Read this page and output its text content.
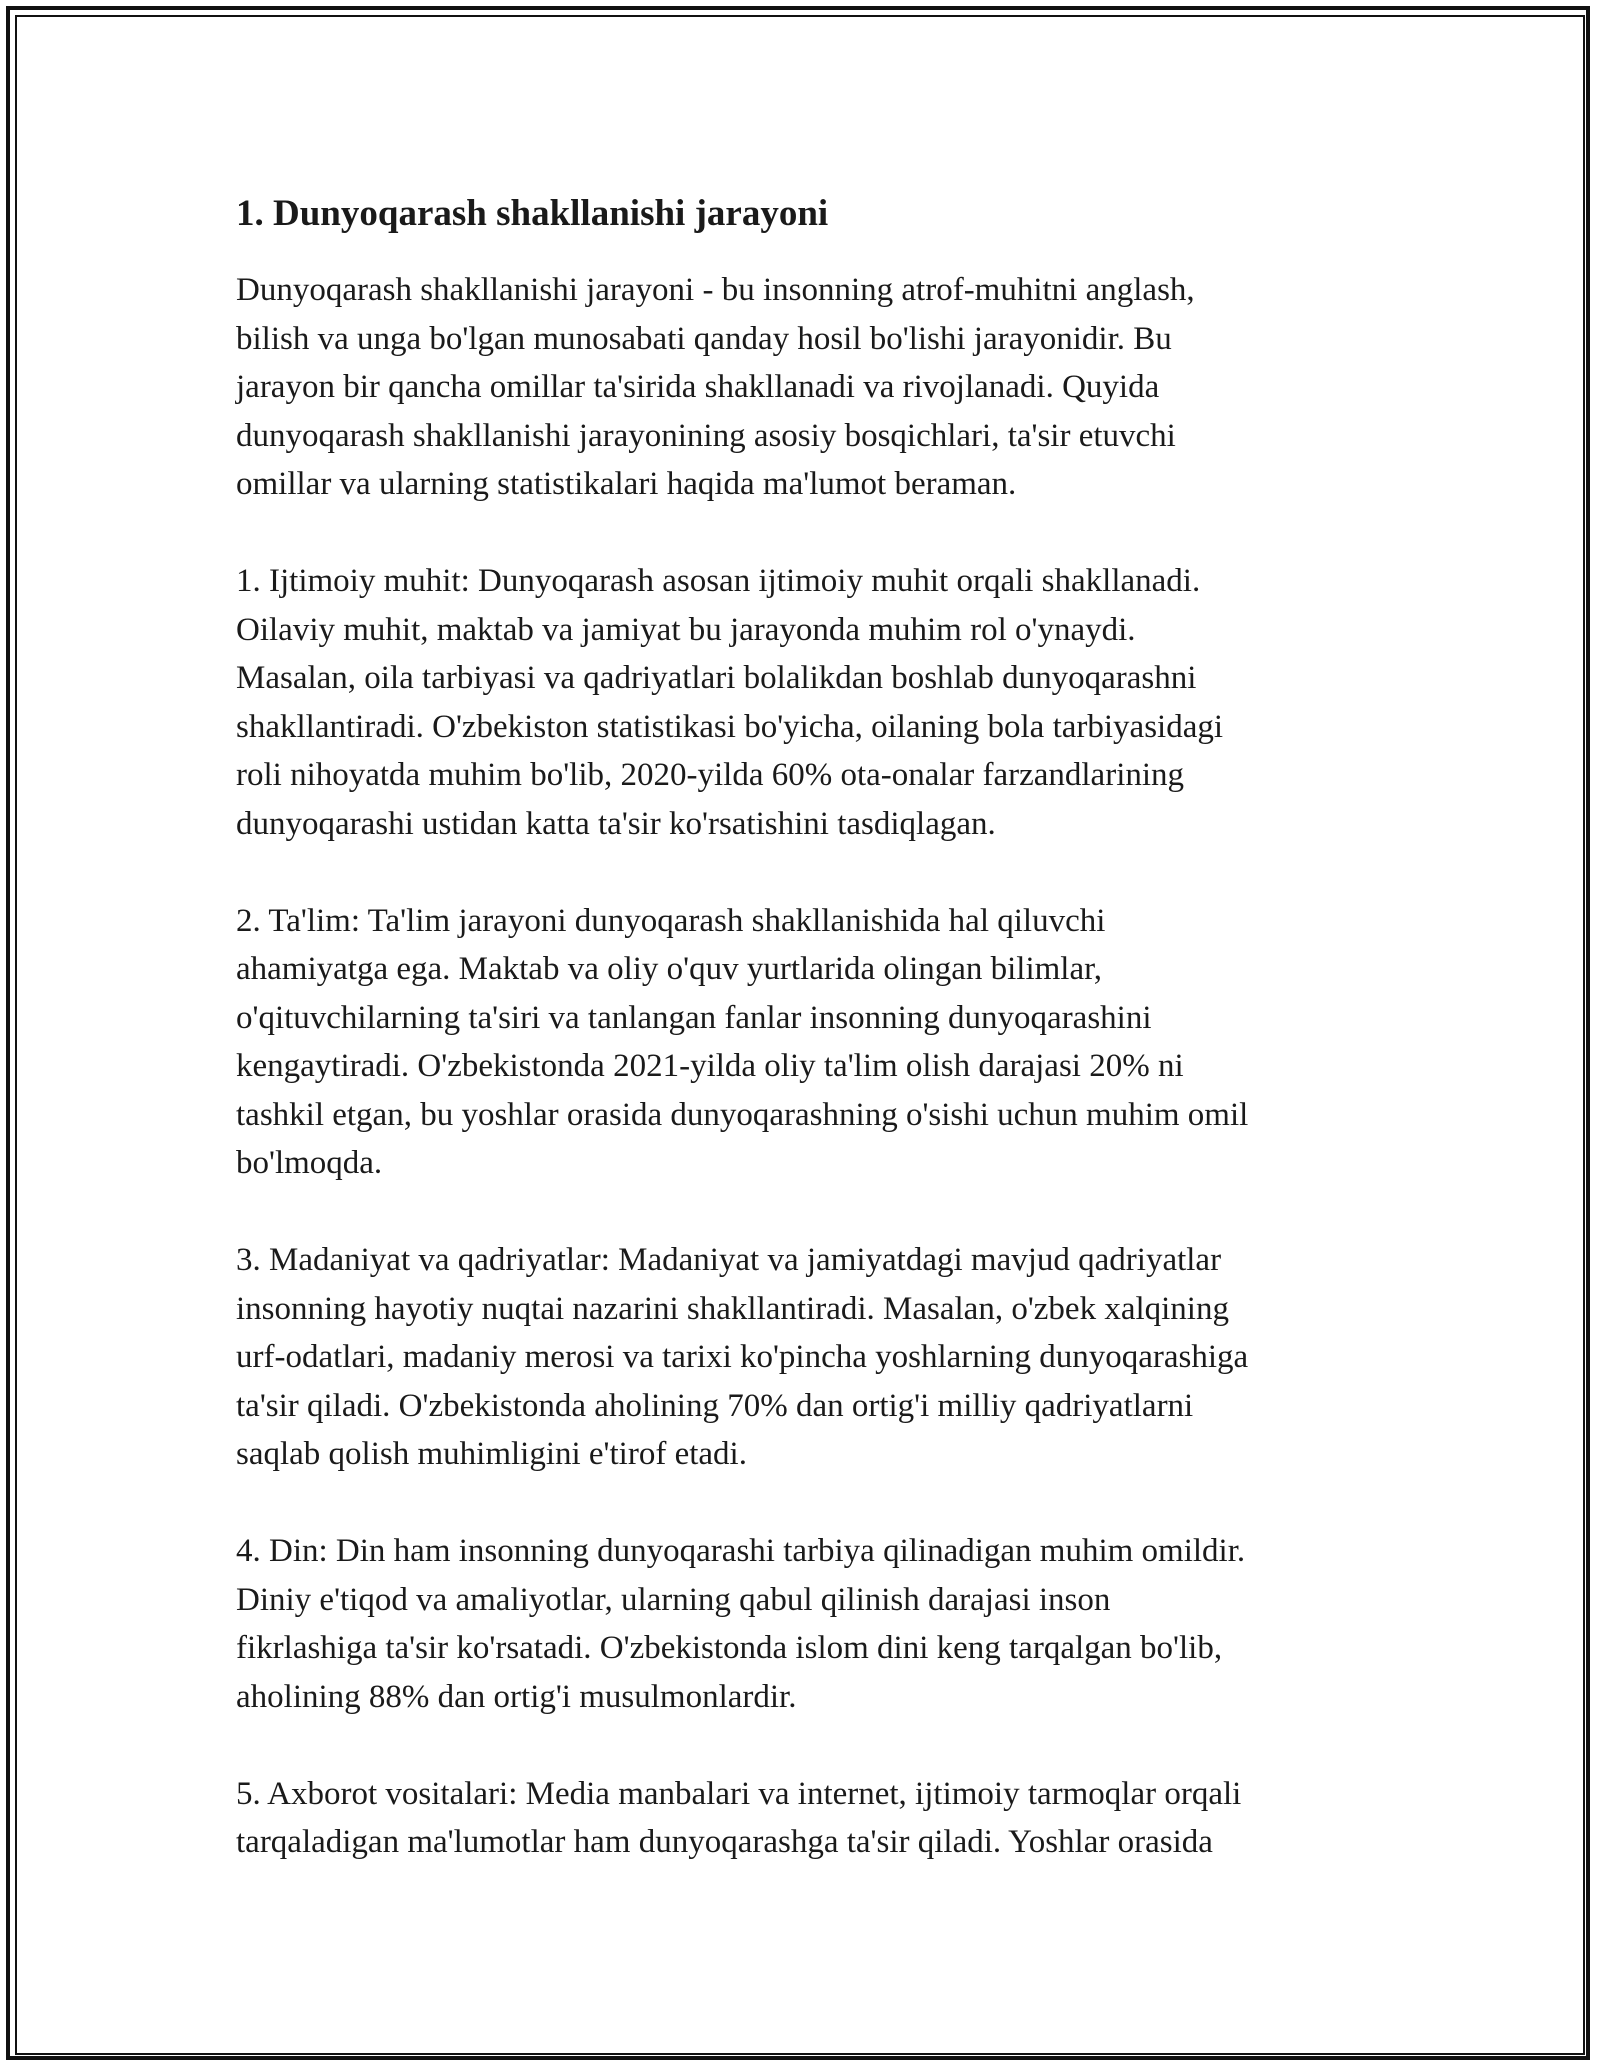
1. Dunyoqarash shakllanishi jarayoni

Dunyoqarash shakllanishi jarayoni - bu insonning atrof-muhitni anglash,
bilish va unga bo'lgan munosabati qanday hosil bo'lishi jarayonidir. Bu
jarayon bir qancha omillar ta'sirida shakllanadi va rivojlanadi. Quyida
dunyoqarash shakllanishi jarayonining asosiy bosqichlari, ta'sir etuvchi
omillar va ularning statistikalari haqida ma'lumot beraman.

1. Ijtimoiy muhit: Dunyoqarash asosan ijtimoiy muhit orqali shakllanadi.
Oilaviy muhit, maktab va jamiyat bu jarayonda muhim rol o'ynaydi.
Masalan, oila tarbiyasi va qadriyatlari bolalikdan boshlab dunyoqarashni
shakllantiradi. O'zbekiston statistikasi bo'yicha, oilaning bola tarbiyasidagi
roli nihoyatda muhim bo'lib, 2020-yilda 60% ota-onalar farzandlarining
dunyoqarashi ustidan katta ta'sir ko'rsatishini tasdiqlagan.

2. Ta'lim: Ta'lim jarayoni dunyoqarash shakllanishida hal qiluvchi
ahamiyatga ega. Maktab va oliy o'quv yurtlarida olingan bilimlar,
o'qituvchilarning ta'siri va tanlangan fanlar insonning dunyoqarashini
kengaytiradi. O'zbekistonda 2021-yilda oliy ta'lim olish darajasi 20% ni
tashkil etgan, bu yoshlar orasida dunyoqarashning o'sishi uchun muhim omil
bo'lmoqda.

3. Madaniyat va qadriyatlar: Madaniyat va jamiyatdagi mavjud qadriyatlar
insonning hayotiy nuqtai nazarini shakllantiradi. Masalan, o'zbek xalqining
urf-odatlari, madaniy merosi va tarixi ko'pincha yoshlarning dunyoqarashiga
ta'sir qiladi. O'zbekistonda aholining 70% dan ortig'i milliy qadriyatlarni
saqlab qolish muhimligini e'tirof etadi.

4. Din: Din ham insonning dunyoqarashi tarbiya qilinadigan muhim omildir.
Diniy e'tiqod va amaliyotlar, ularning qabul qilinish darajasi inson
fikrlashiga ta'sir ko'rsatadi. O'zbekistonda islom dini keng tarqalgan bo'lib,
aholining 88% dan ortig'i musulmonlardir.

5. Axborot vositalari: Media manbalari va internet, ijtimoiy tarmoqlar orqali
tarqaladigan ma'lumotlar ham dunyoqarashga ta'sir qiladi. Yoshlar orasida
